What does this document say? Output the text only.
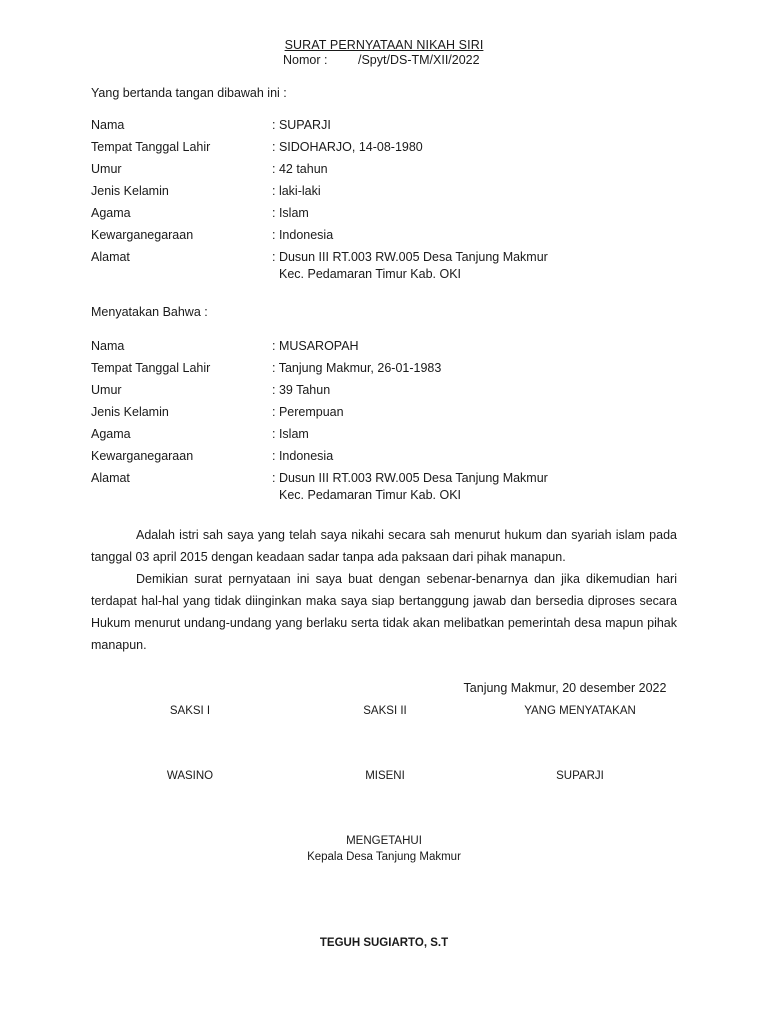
SURAT PERNYATAAN NIKAH SIRI
Nomor : /Spyt/DS-TM/XII/2022
Yang bertanda tangan dibawah ini :
Nama	: SUPARJI
Tempat Tanggal Lahir	: SIDOHARJO, 14-08-1980
Umur	: 42 tahun
Jenis Kelamin	: laki-laki
Agama	: Islam
Kewarganegaraan	: Indonesia
Alamat	: Dusun III RT.003 RW.005 Desa Tanjung Makmur
Kec. Pedamaran Timur Kab. OKI
Menyatakan Bahwa :
Nama	: MUSAROPAH
Tempat Tanggal Lahir	: Tanjung Makmur, 26-01-1983
Umur	: 39 Tahun
Jenis Kelamin	: Perempuan
Agama	: Islam
Kewarganegaraan	: Indonesia
Alamat	: Dusun III RT.003 RW.005 Desa Tanjung Makmur
Kec. Pedamaran Timur Kab. OKI

Adalah istri sah saya yang telah saya nikahi secara sah menurut hukum dan syariah islam pada tanggal 03 april 2015 dengan keadaan sadar tanpa ada paksaan dari pihak manapun.

Demikian surat pernyataan ini saya buat dengan sebenar-benarnya dan jika dikemudian hari terdapat hal-hal yang tidak diinginkan maka saya siap bertanggung jawab dan bersedia diproses secara Hukum menurut undang-undang yang berlaku serta tidak akan melibatkan pemerintah desa mapun pihak manapun.

Tanjung Makmur, 20 desember 2022
SAKSI I	SAKSI II	YANG MENYATAKAN
WASINO	MISENI	SUPARJI
MENGETAHUI
Kepala Desa Tanjung Makmur
TEGUH SUGIARTO, S.T
